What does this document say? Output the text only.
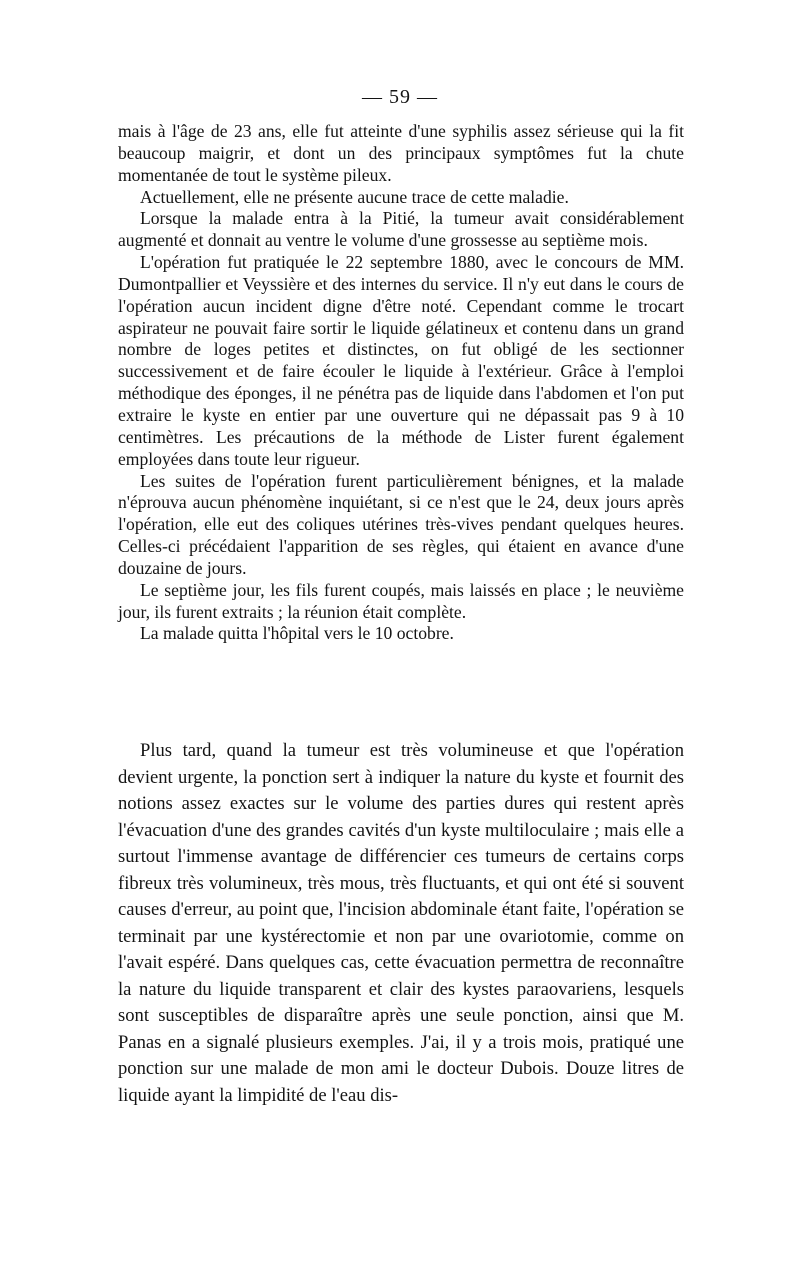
— 59 —

mais à l'âge de 23 ans, elle fut atteinte d'une syphilis assez sérieuse qui la fit beaucoup maigrir, et dont un des principaux symptômes fut la chute momentanée de tout le système pileux.

Actuellement, elle ne présente aucune trace de cette maladie.

Lorsque la malade entra à la Pitié, la tumeur avait considérablement augmenté et donnait au ventre le volume d'une grossesse au septième mois.

L'opération fut pratiquée le 22 septembre 1880, avec le concours de MM. Dumontpallier et Veyssière et des internes du service. Il n'y eut dans le cours de l'opération aucun incident digne d'être noté. Cependant comme le trocart aspirateur ne pouvait faire sortir le liquide gélatineux et contenu dans un grand nombre de loges petites et distinctes, on fut obligé de les sectionner successivement et de faire écouler le liquide à l'extérieur. Grâce à l'emploi méthodique des éponges, il ne pénétra pas de liquide dans l'abdomen et l'on put extraire le kyste en entier par une ouverture qui ne dépassait pas 9 à 10 centimètres. Les précautions de la méthode de Lister furent également employées dans toute leur rigueur.

Les suites de l'opération furent particulièrement bénignes, et la malade n'éprouva aucun phénomène inquiétant, si ce n'est que le 24, deux jours après l'opération, elle eut des coliques utérines très-vives pendant quelques heures. Celles-ci précédaient l'apparition de ses règles, qui étaient en avance d'une douzaine de jours.

Le septième jour, les fils furent coupés, mais laissés en place ; le neuvième jour, ils furent extraits ; la réunion était complète.

La malade quitta l'hôpital vers le 10 octobre.

Plus tard, quand la tumeur est très volumineuse et que l'opération devient urgente, la ponction sert à indiquer la nature du kyste et fournit des notions assez exactes sur le volume des parties dures qui restent après l'évacuation d'une des grandes cavités d'un kyste multiloculaire ; mais elle a surtout l'immense avantage de différencier ces tumeurs de certains corps fibreux très volumineux, très mous, très fluctuants, et qui ont été si souvent causes d'erreur, au point que, l'incision abdominale étant faite, l'opération se terminait par une kystérectomie et non par une ovariotomie, comme on l'avait espéré. Dans quelques cas, cette évacuation permettra de reconnaître la nature du liquide transparent et clair des kystes paraovariens, lesquels sont susceptibles de disparaître après une seule ponction, ainsi que M. Panas en a signalé plusieurs exemples. J'ai, il y a trois mois, pratiqué une ponction sur une malade de mon ami le docteur Dubois. Douze litres de liquide ayant la limpidité de l'eau dis-
